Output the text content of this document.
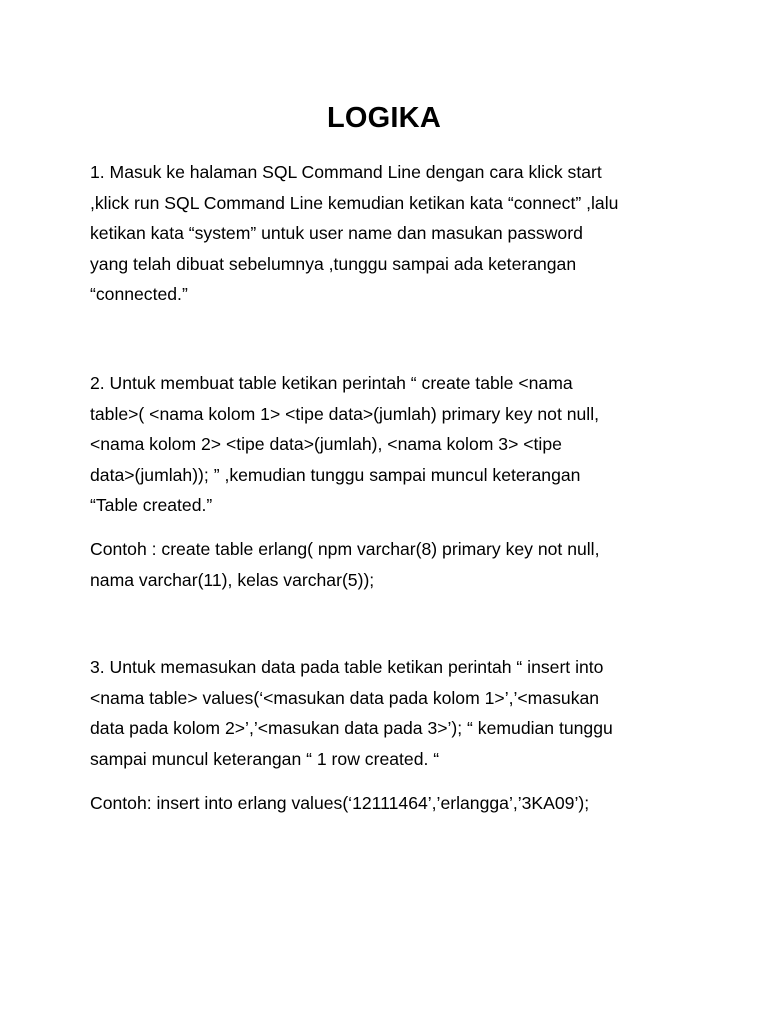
LOGIKA

1. Masuk ke halaman SQL Command Line dengan cara klick start
,klick run SQL Command Line kemudian ketikan kata “connect” ,lalu
ketikan kata “system” untuk user name dan masukan password
yang telah dibuat sebelumnya ,tunggu sampai ada keterangan
“connected.”

2. Untuk membuat table ketikan perintah “ create table <nama
table>( <nama kolom 1> <tipe data>(jumlah) primary key not null,
<nama kolom 2> <tipe data>(jumlah), <nama kolom 3> <tipe
data>(jumlah)); ” ,kemudian tunggu sampai muncul keterangan
“Table created.”

Contoh : create table erlang( npm varchar(8) primary key not null,
nama varchar(11), kelas varchar(5));

3. Untuk memasukan data pada table ketikan perintah “ insert into
<nama table> values(‘<masukan data pada kolom 1>’,’<masukan
data pada kolom 2>’,’<masukan data pada 3>’); “ kemudian tunggu
sampai muncul keterangan “ 1 row created. “

Contoh: insert into erlang values(‘12111464’,’erlangga’,’3KA09’);
